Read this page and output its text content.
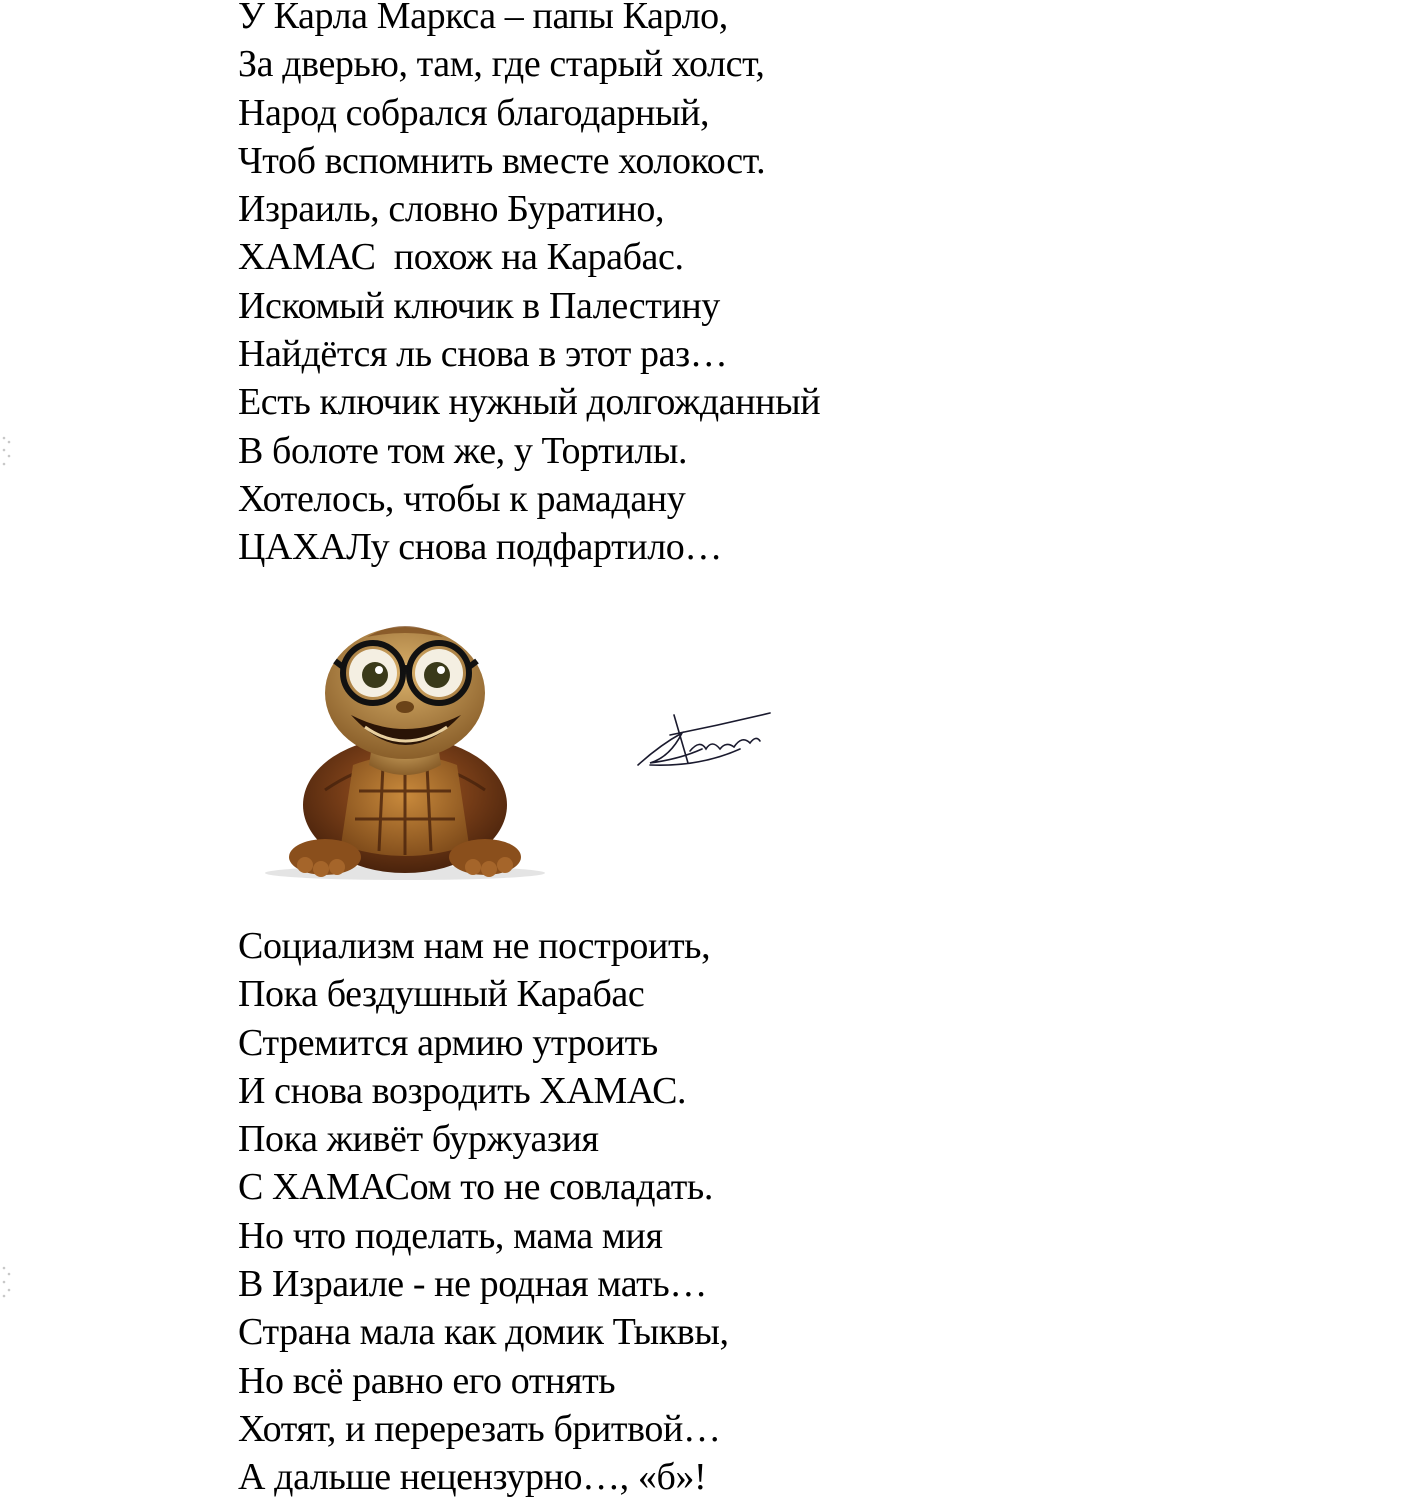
У Карла Маркса – папы Карло,
За дверью, там, где старый холст,
Народ собрался благодарный,
Чтоб вспомнить вместе холокост.
Израиль, словно Буратино,
ХАМАС  похож на Карабас.
Искомый ключик в Палестину
Найдётся ль снова в этот раз…
Есть ключик нужный долгожданный
В болоте том же, у Тортилы.
Хотелось, чтобы к рамадану
ЦАХАЛу снова подфартило…
Социализм нам не построить,
Пока бездушный Карабас
Стремится армию утроить
И снова возродить ХАМАС.
Пока живёт буржуазия
С ХАМАСом то не совладать.
Но что поделать, мама мия
В Израиле - не родная мать…
Страна мала как домик Тыквы,
Но всё равно его отнять
Хотят, и перерезать бритвой…
А дальше нецензурно…, «б»!
